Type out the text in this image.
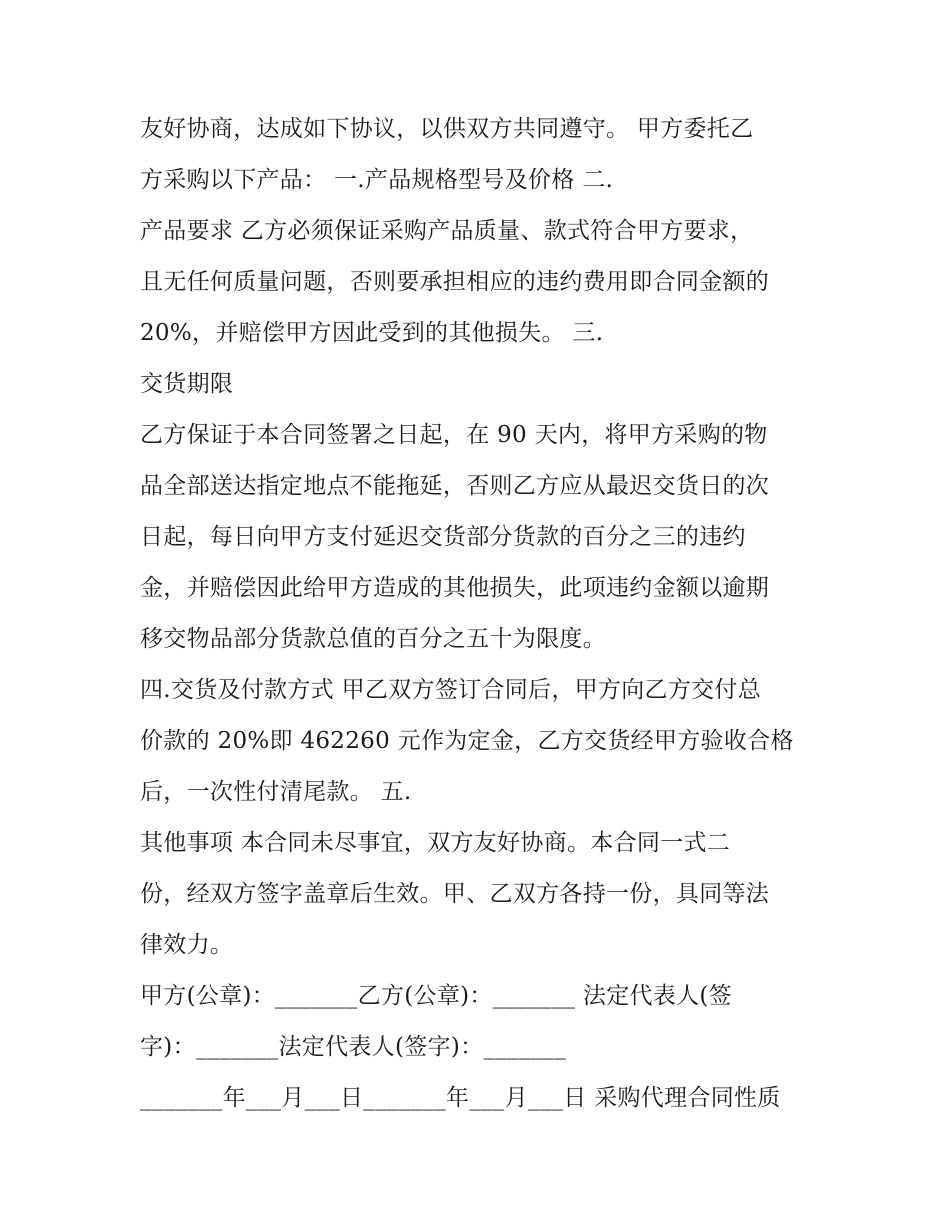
友好协商，达成如下协议，以供双方共同遵守。 甲方委托乙
方采购以下产品： 一.产品规格型号及价格 二.
产品要求 乙方必须保证采购产品质量、款式符合甲方要求，
且无任何质量问题，否则要承担相应的违约费用即合同金额的
20%，并赔偿甲方因此受到的其他损失。 三.
交货期限
乙方保证于本合同签署之日起，在 90 天内，将甲方采购的物
品全部送达指定地点不能拖延，否则乙方应从最迟交货日的次
日起，每日向甲方支付延迟交货部分货款的百分之三的违约
金，并赔偿因此给甲方造成的其他损失，此项违约金额以逾期
移交物品部分货款总值的百分之五十为限度。
四.交货及付款方式 甲乙双方签订合同后，甲方向乙方交付总
价款的 20%即 462260 元作为定金，乙方交货经甲方验收合格
后，一次性付清尾款。 五.
其他事项 本合同未尽事宜，双方友好协商。本合同一式二
份，经双方签字盖章后生效。甲、乙双方各持一份，具同等法
律效力。
甲方(公章)：_______乙方(公章)：_______ 法定代表人(签
字)：_______法定代表人(签字)：_______
_______年___月___日_______年___月___日 采购代理合同性质
